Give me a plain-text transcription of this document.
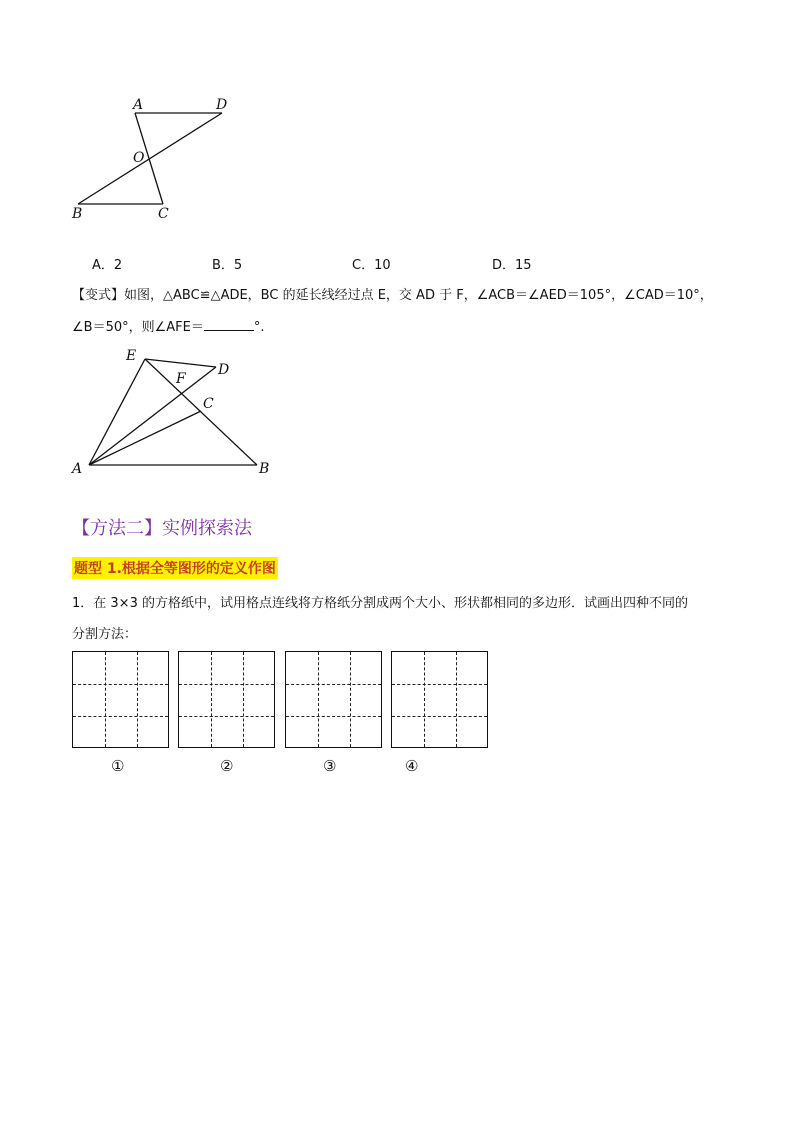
A	D
O
B	C
A．2	B．5	C．10	D．15
【变式】如图，△ABC≌△ADE，BC 的延长线经过点 E，交 AD 于 F，∠ACB＝∠AED＝105°，∠CAD＝10°，
∠B＝50°，则∠AFE＝	°.
E
F
D
C
A	B
【方法二】实例探索法
题型 1.根据全等图形的定义作图
1．在 3×3 的方格纸中，试用格点连线将方格纸分割成两个大小、形状都相同的多边形．试画出四种不同的
分割方法：
①	②	③	④
